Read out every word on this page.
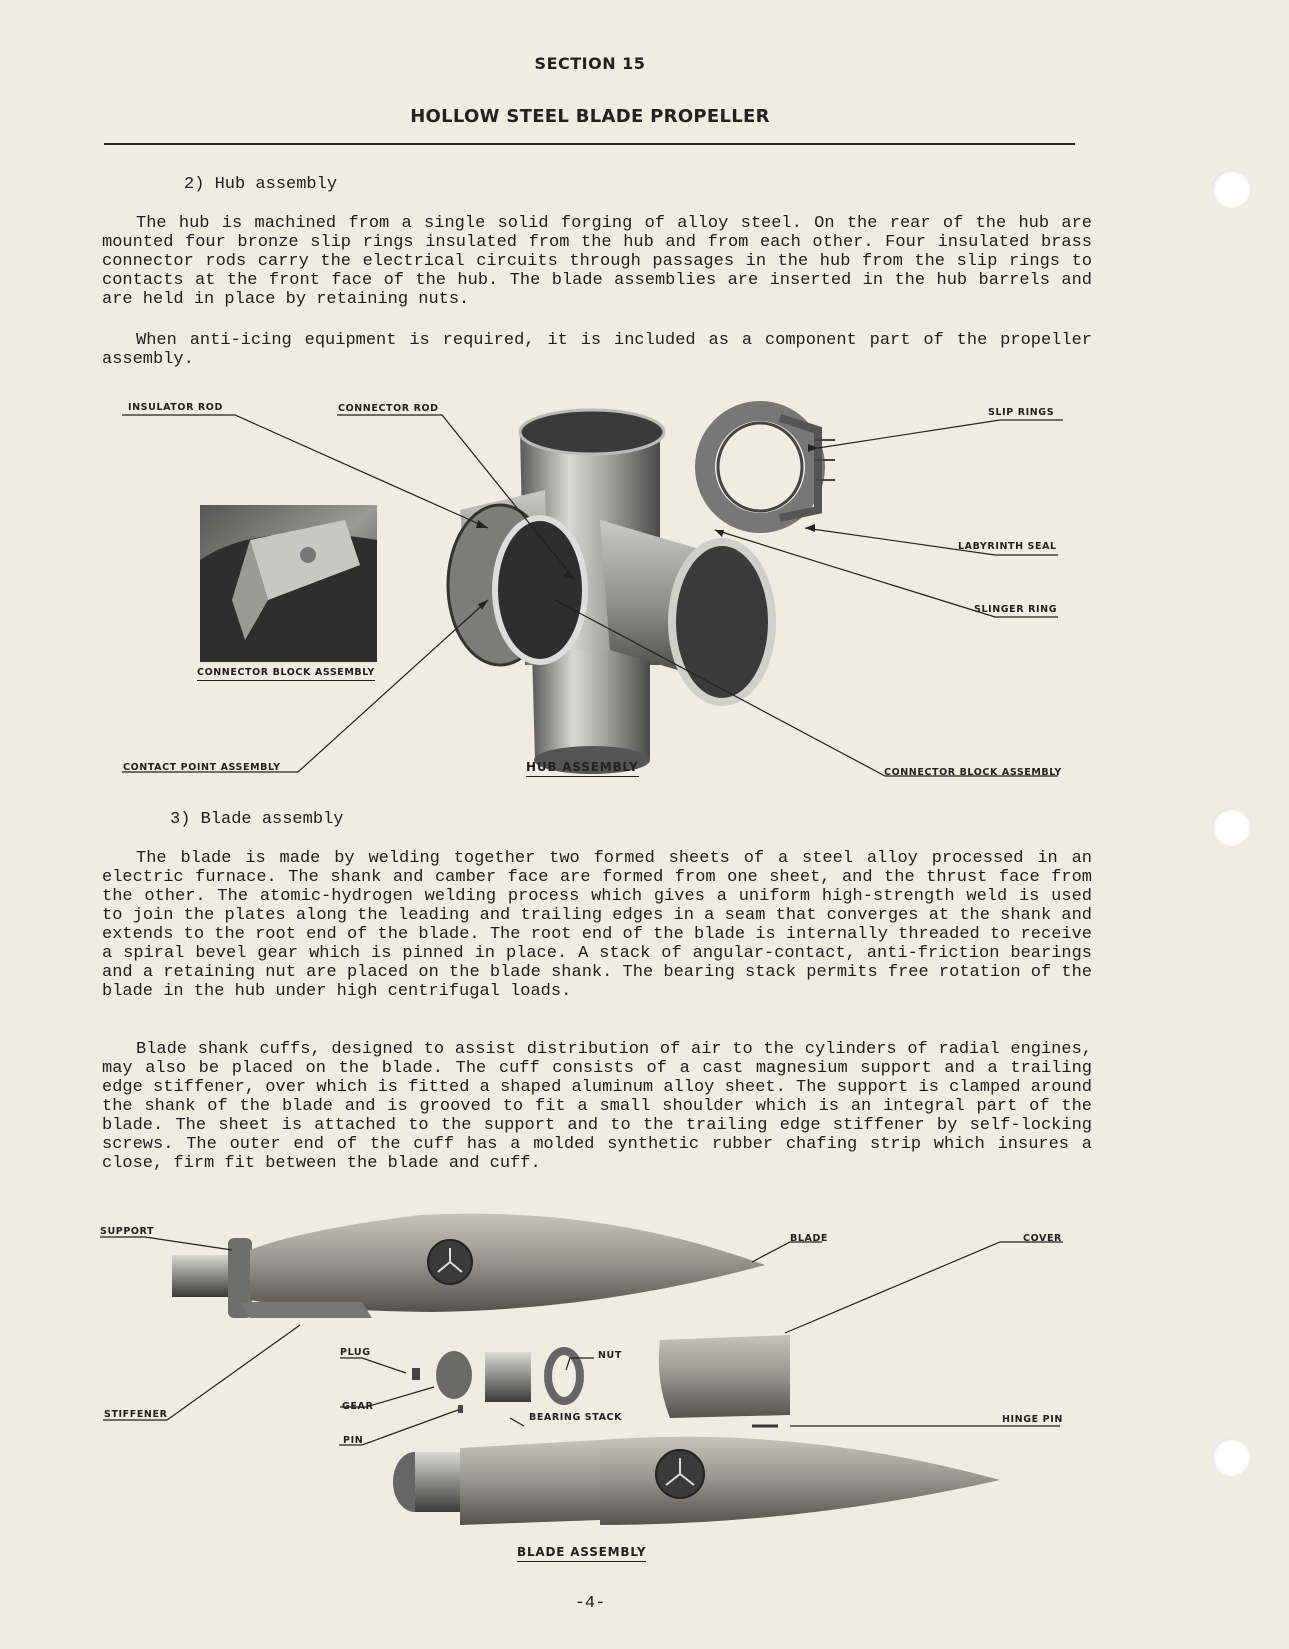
SECTION 15
HOLLOW STEEL BLADE PROPELLER
2) Hub assembly

The hub is machined from a single solid forging of alloy steel. On the rear of the hub are mounted four bronze slip rings insulated from the hub and from each other. Four insulated brass connector rods carry the electrical circuits through passages in the hub from the slip rings to contacts at the front face of the hub. The blade assemblies are inserted in the hub barrels and are held in place by retaining nuts.

When anti-icing equipment is required, it is included as a component part of the propeller assembly.

INSULATOR ROD	CONNECTOR ROD	SLIP RINGS
LABYRINTH SEAL
SLINGER RING
CONNECTOR BLOCK ASSEMBLY
CONTACT POINT ASSEMBLY	HUB ASSEMBLY	CONNECTOR BLOCK ASSEMBLY
3) Blade assembly

The blade is made by welding together two formed sheets of a steel alloy processed in an electric furnace. The shank and camber face are formed from one sheet, and the thrust face from the other. The atomic-hydrogen welding process which gives a uniform high-strength weld is used to join the plates along the leading and trailing edges in a seam that converges at the shank and extends to the root end of the blade. The root end of the blade is internally threaded to receive a spiral bevel gear which is pinned in place. A stack of angular-contact, anti-friction bearings and a retaining nut are placed on the blade shank. The bearing stack permits free rotation of the blade in the hub under high centrifugal loads.

Blade shank cuffs, designed to assist distribution of air to the cylinders of radial engines, may also be placed on the blade. The cuff consists of a cast magnesium support and a trailing edge stiffener, over which is fitted a shaped aluminum alloy sheet. The support is clamped around the shank of the blade and is grooved to fit a small shoulder which is an integral part of the blade. The sheet is attached to the support and to the trailing edge stiffener by self-locking screws. The outer end of the cuff has a molded synthetic rubber chafing strip which insures a close, firm fit between the blade and cuff.

SUPPORT
BLADE	COVER
PLUG	NUT
GEAR
STIFFENER	BEARING STACK	HINGE PIN
PIN
BLADE ASSEMBLY
-4-
